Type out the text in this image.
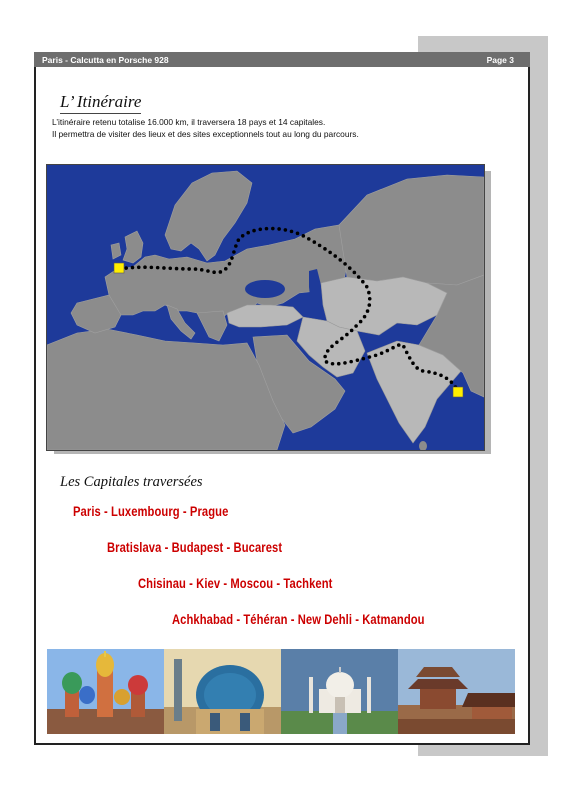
Paris - Calcutta en Porsche 928	Page 3
L’ Itinéraire
L’itinéraire retenu totalise 16.000 km, il traversera 18 pays et 14 capitales.
Il permettra de visiter des lieux et des sites exceptionnels tout au long du parcours.
Les Capitales traversées

Paris - Luxembourg - Prague

Bratislava - Budapest - Bucarest

Chisinau - Kiev - Moscou - Tachkent

Achkhabad - Téhéran - New Dehli - Katmandou
